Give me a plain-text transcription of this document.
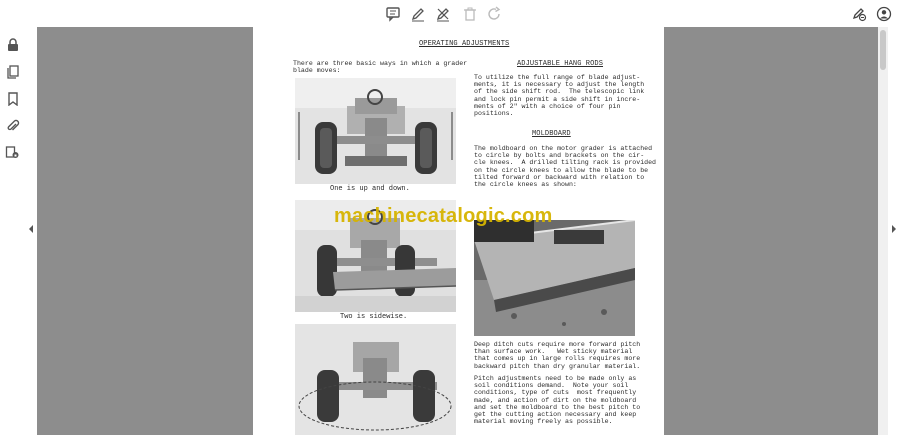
OPERATING ADJUSTMENTS
There are three basic ways in which a grader
blade moves:
One is up and down.
Two is sidewise.
ADJUSTABLE HANG RODS
To utilize the full range of blade adjust-
ments, it is necessary to adjust the length
of the side shift rod.  The telescopic link
and lock pin permit a side shift in incre-
ments of 2" with a choice of four pin
positions.
MOLDBOARD
The moldboard on the motor grader is attached
to circle by bolts and brackets on the cir-
cle knees.  A drilled tilting rack is provided
on the circle knees to allow the blade to be
tilted forward or backward with relation to
the circle knees as shown:
Deep ditch cuts require more forward pitch
than surface work.   Wet sticky material
that comes up in large rolls requires more
backward pitch than dry granular material.
Pitch adjustments need to be made only as
soil conditions demand.  Note your soil
conditions, type of cuts  most frequently
made, and action of dirt on the moldboard
and set the moldboard to the best pitch to
get the cutting action necessary and keep
material moving freely as possible.
machinecatalogic.com
